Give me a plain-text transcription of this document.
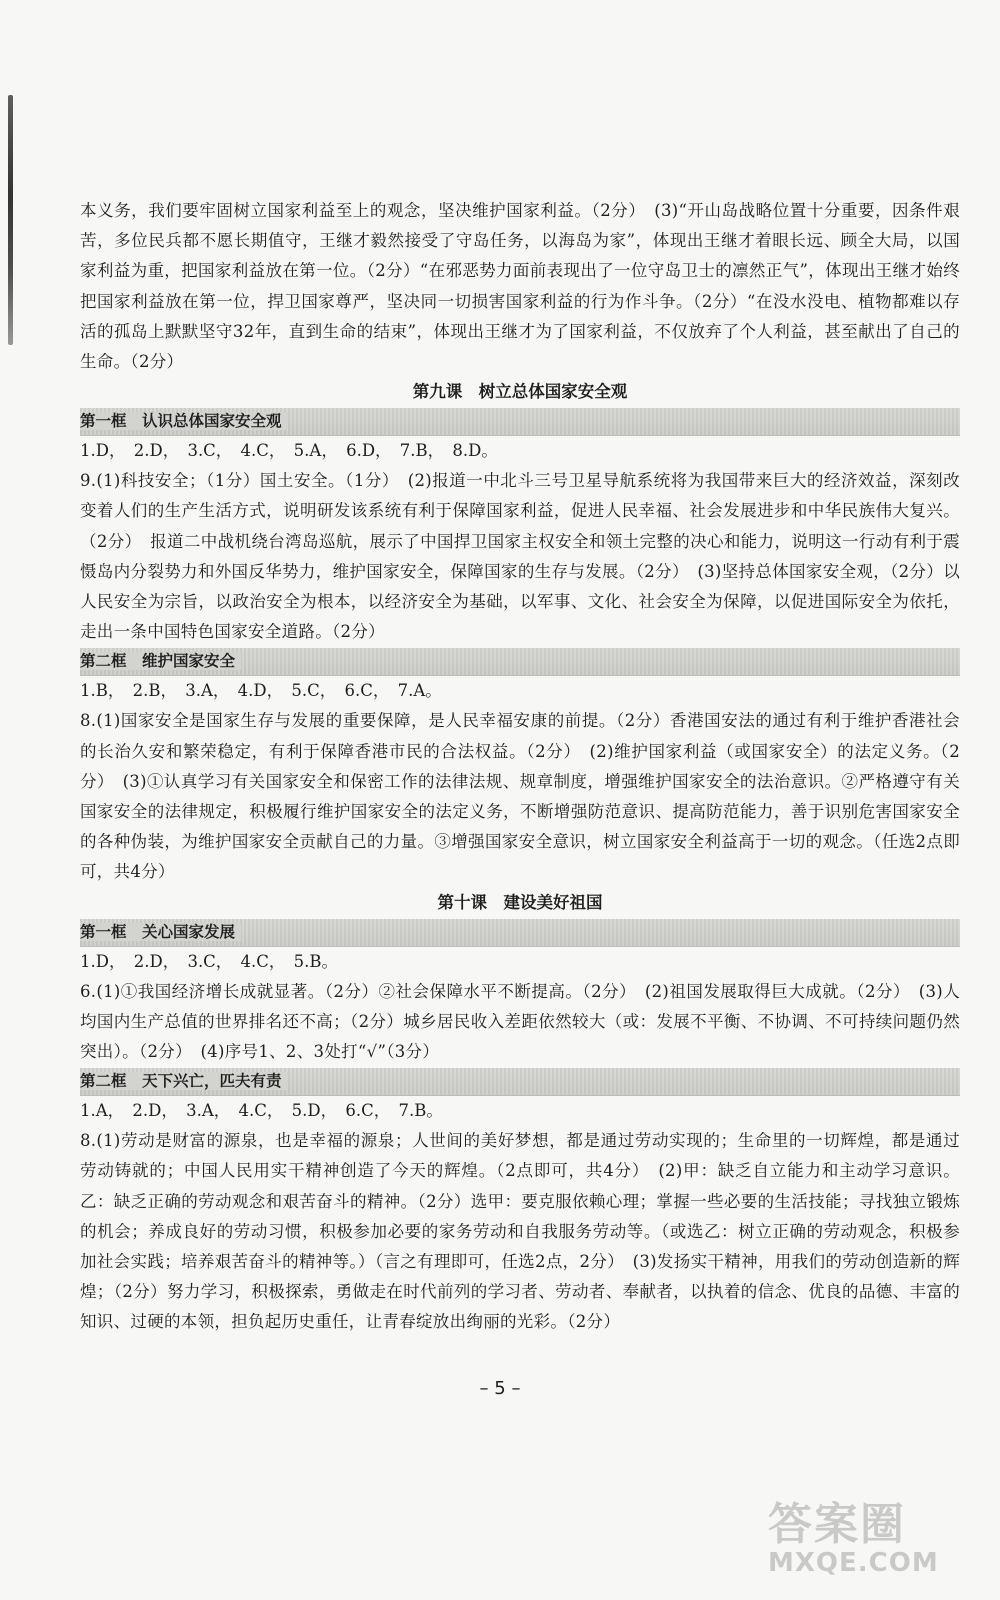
本义务，我们要牢固树立国家利益至上的观念，坚决维护国家利益。（2分）　(3)“开山岛战略位置十分重要，因条件艰苦，多位民兵都不愿长期值守，王继才毅然接受了守岛任务，以海岛为家”，体现出王继才着眼长远、顾全大局，以国家利益为重，把国家利益放在第一位。（2分）“在邪恶势力面前表现出了一位守岛卫士的凛然正气”，体现出王继才始终把国家利益放在第一位，捍卫国家尊严，坚决同一切损害国家利益的行为作斗争。（2分）“在没水没电、植物都难以存活的孤岛上默默坚守32年，直到生命的结束”，体现出王继才为了国家利益，不仅放弃了个人利益，甚至献出了自己的生命。（2分）

第九课　树立总体国家安全观
第一框　认识总体国家安全观

1.D，　2.D，　3.C，　4.C，　5.A，　6.D，　7.B，　8.D。

9.(1)科技安全；（1分）国土安全。（1分）　(2)报道一中北斗三号卫星导航系统将为我国带来巨大的经济效益，深刻改变着人们的生产生活方式，说明研发该系统有利于保障国家利益，促进人民幸福、社会发展进步和中华民族伟大复兴。（2分）　报道二中战机绕台湾岛巡航，展示了中国捍卫国家主权安全和领土完整的决心和能力，说明这一行动有利于震慑岛内分裂势力和外国反华势力，维护国家安全，保障国家的生存与发展。（2分）　(3)坚持总体国家安全观，（2分）以人民安全为宗旨，以政治安全为根本，以经济安全为基础，以军事、文化、社会安全为保障，以促进国际安全为依托，走出一条中国特色国家安全道路。（2分）

第二框　维护国家安全

1.B，　2.B，　3.A，　4.D，　5.C，　6.C，　7.A。

8.(1)国家安全是国家生存与发展的重要保障，是人民幸福安康的前提。（2分）香港国安法的通过有利于维护香港社会的长治久安和繁荣稳定，有利于保障香港市民的合法权益。（2分）　(2)维护国家利益（或国家安全）的法定义务。（2分）　(3)①认真学习有关国家安全和保密工作的法律法规、规章制度，增强维护国家安全的法治意识。②严格遵守有关国家安全的法律规定，积极履行维护国家安全的法定义务，不断增强防范意识、提高防范能力，善于识别危害国家安全的各种伪装，为维护国家安全贡献自己的力量。③增强国家安全意识，树立国家安全利益高于一切的观念。（任选2点即可，共4分）

第十课　建设美好祖国
第一框　关心国家发展

1.D，　2.D，　3.C，　4.C，　5.B。

6.(1)①我国经济增长成就显著。（2分）②社会保障水平不断提高。（2分）　(2)祖国发展取得巨大成就。（2分）　(3)人均国内生产总值的世界排名还不高；（2分）城乡居民收入差距依然较大（或：发展不平衡、不协调、不可持续问题仍然突出）。（2分）　(4)序号1、2、3处打“√”（3分）

第二框　天下兴亡，匹夫有责

1.A，　2.D，　3.A，　4.C，　5.D，　6.C，　7.B。

8.(1)劳动是财富的源泉，也是幸福的源泉；人世间的美好梦想，都是通过劳动实现的；生命里的一切辉煌，都是通过劳动铸就的；中国人民用实干精神创造了今天的辉煌。（2点即可，共4分）　(2)甲：缺乏自立能力和主动学习意识。乙：缺乏正确的劳动观念和艰苦奋斗的精神。（2分）选甲：要克服依赖心理；掌握一些必要的生活技能；寻找独立锻炼的机会；养成良好的劳动习惯，积极参加必要的家务劳动和自我服务劳动等。（或选乙：树立正确的劳动观念，积极参加社会实践；培养艰苦奋斗的精神等。）（言之有理即可，任选2点，2分）　(3)发扬实干精神，用我们的劳动创造新的辉煌；（2分）努力学习，积极探索，勇做走在时代前列的学习者、劳动者、奉献者，以执着的信念、优良的品德、丰富的知识、过硬的本领，担负起历史重任，让青春绽放出绚丽的光彩。（2分）

– 5 –
答案圈
MXQE.COM
